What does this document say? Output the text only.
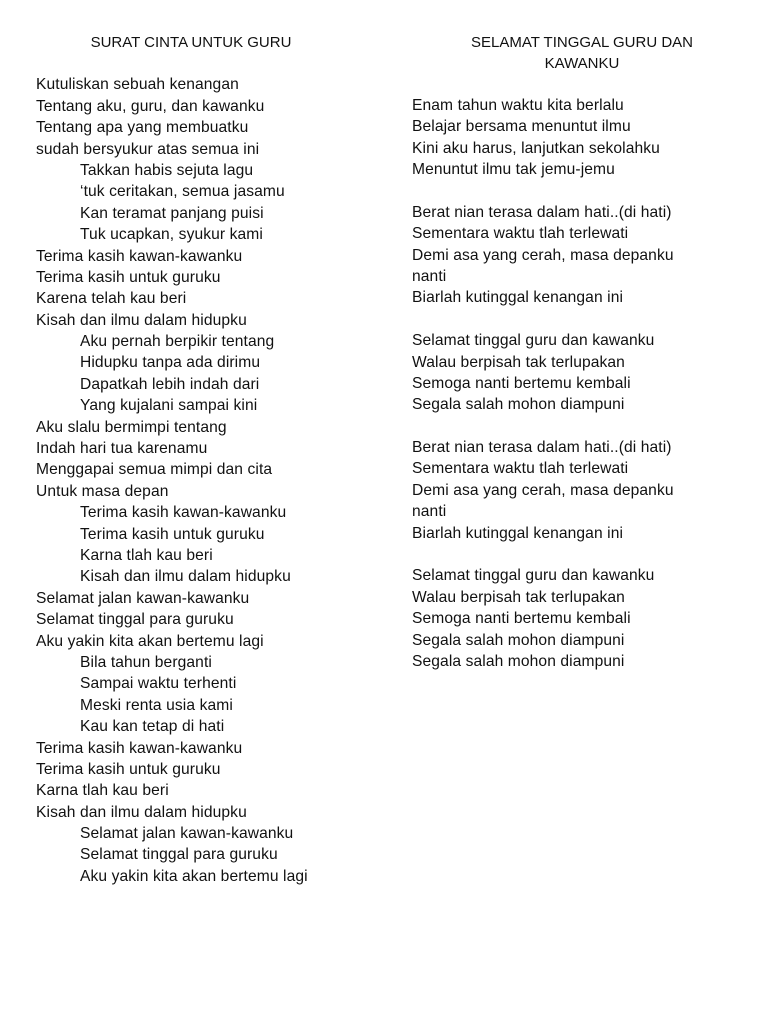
SURAT CINTA UNTUK GURU
Kutuliskan sebuah kenangan
Tentang aku, guru, dan kawanku
Tentang apa yang membuatku
sudah bersyukur atas semua ini
Takkan habis sejuta lagu
‘tuk ceritakan, semua jasamu
Kan teramat panjang puisi
Tuk ucapkan, syukur kami
Terima kasih kawan-kawanku
Terima kasih untuk guruku
Karena telah kau beri
Kisah dan ilmu dalam hidupku
Aku pernah berpikir tentang
Hidupku tanpa ada dirimu
Dapatkah lebih indah dari
Yang kujalani sampai kini
Aku slalu bermimpi tentang
Indah hari tua karenamu
Menggapai semua mimpi dan cita
Untuk masa depan
Terima kasih kawan-kawanku
Terima kasih untuk guruku
Karna tlah kau beri
Kisah dan ilmu dalam hidupku
Selamat jalan kawan-kawanku
Selamat tinggal para guruku
Aku yakin kita akan bertemu lagi
Bila tahun berganti
Sampai waktu terhenti
Meski renta usia kami
Kau kan tetap di hati
Terima kasih kawan-kawanku
Terima kasih untuk guruku
Karna tlah kau beri
Kisah dan ilmu dalam hidupku
Selamat jalan kawan-kawanku
Selamat tinggal para guruku
Aku yakin kita akan bertemu lagi
SELAMAT TINGGAL GURU DAN
KAWANKU
Enam tahun waktu kita berlalu
Belajar bersama menuntut ilmu
Kini aku harus, lanjutkan sekolahku
Menuntut ilmu tak jemu-jemu
Berat nian terasa dalam hati..(di hati)
Sementara waktu tlah terlewati
Demi asa yang cerah, masa depanku
nanti
Biarlah kutinggal kenangan ini
Selamat tinggal guru dan kawanku
Walau berpisah tak terlupakan
Semoga nanti bertemu kembali
Segala salah mohon diampuni
Berat nian terasa dalam hati..(di hati)
Sementara waktu tlah terlewati
Demi asa yang cerah, masa depanku
nanti
Biarlah kutinggal kenangan ini
Selamat tinggal guru dan kawanku
Walau berpisah tak terlupakan
Semoga nanti bertemu kembali
Segala salah mohon diampuni
Segala salah mohon diampuni
